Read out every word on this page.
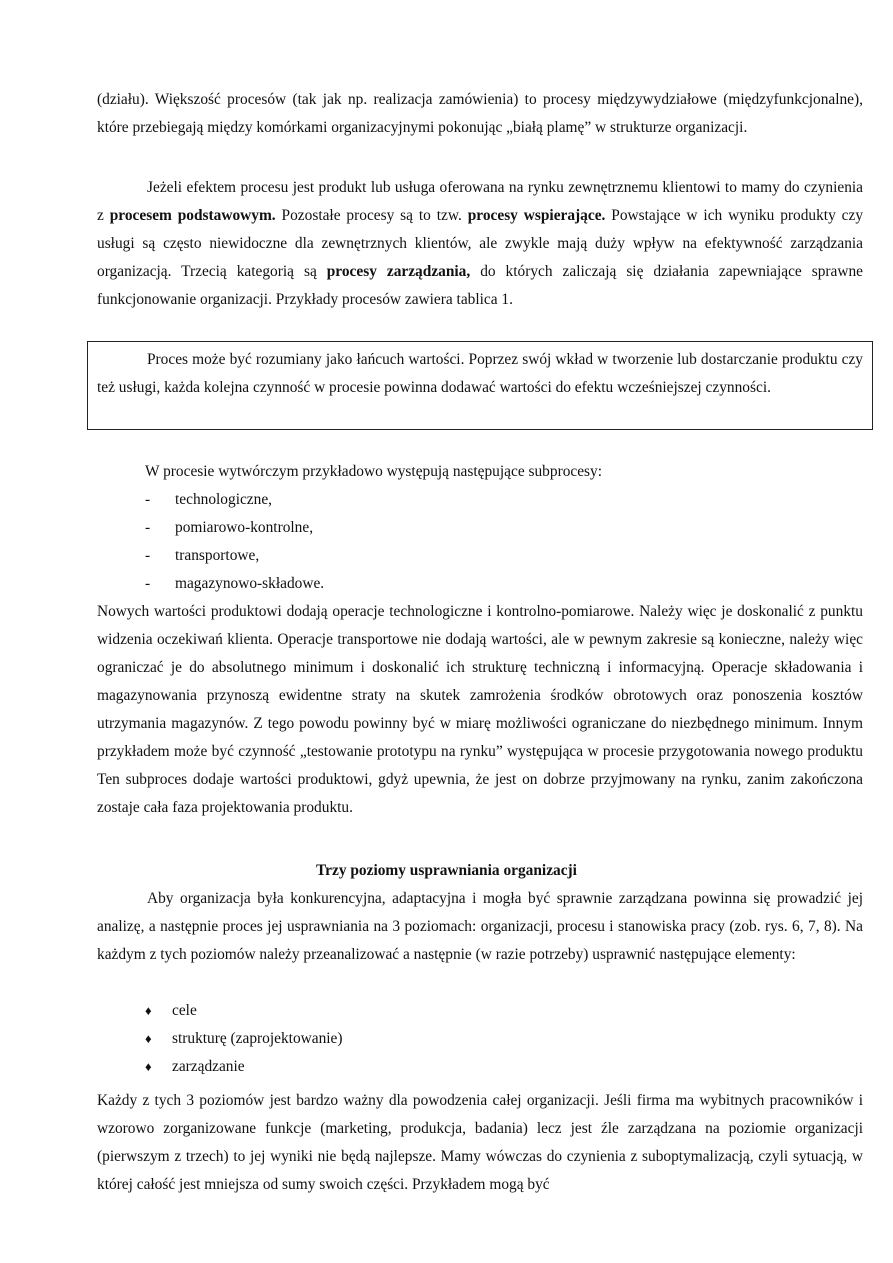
(działu). Większość procesów (tak jak np. realizacja zamówienia) to procesy międzywydziałowe (międzyfunkcjonalne), które przebiegają między komórkami organizacyjnymi pokonując „białą plamę” w strukturze organizacji.

Jeżeli efektem procesu jest produkt lub usługa oferowana na rynku zewnętrznemu klientowi to mamy do czynienia z procesem podstawowym. Pozostałe procesy są to tzw. procesy wspierające. Powstające w ich wyniku produkty czy usługi są często niewidoczne dla zewnętrznych klientów, ale zwykle mają duży wpływ na efektywność zarządzania organizacją. Trzecią kategorią są procesy zarządzania, do których zaliczają się działania zapewniające sprawne funkcjonowanie organizacji. Przykłady procesów zawiera tablica 1.

Proces może być rozumiany jako łańcuch wartości. Poprzez swój wkład w tworzenie lub dostarczanie produktu czy też usługi, każda kolejna czynność w procesie powinna dodawać wartości do efektu wcześniejszej czynności.

W procesie wytwórczym przykładowo występują następujące subprocesy:

- technologiczne,
- pomiarowo-kontrolne,
- transportowe,
- magazynowo-składowe.

Nowych wartości produktowi dodają operacje technologiczne i kontrolno-pomiarowe. Należy więc je doskonalić z punktu widzenia oczekiwań klienta. Operacje transportowe nie dodają wartości, ale w pewnym zakresie są konieczne, należy więc ograniczać je do absolutnego minimum i doskonalić ich strukturę techniczną i informacyjną. Operacje składowania i magazynowania przynoszą ewidentne straty na skutek zamrożenia środków obrotowych oraz ponoszenia kosztów utrzymania magazynów. Z tego powodu powinny być w miarę możliwości ograniczane do niezbędnego minimum. Innym przykładem może być czynność „testowanie prototypu na rynku” występująca w procesie przygotowania nowego produktu Ten subproces dodaje wartości produktowi, gdyż upewnia, że jest on dobrze przyjmowany na rynku, zanim zakończona zostaje cała faza projektowania produktu.

Trzy poziomy usprawniania organizacji

Aby organizacja była konkurencyjna, adaptacyjna i mogła być sprawnie zarządzana powinna się prowadzić jej analizę, a następnie proces jej usprawniania na 3 poziomach: organizacji, procesu i stanowiska pracy (zob. rys. 6, 7, 8). Na każdym z tych poziomów należy przeanalizować a następnie (w razie potrzeby) usprawnić następujące elementy:

♦ cele
♦ strukturę (zaprojektowanie)
♦ zarządzanie

Każdy z tych 3 poziomów jest bardzo ważny dla powodzenia całej organizacji. Jeśli firma ma wybitnych pracowników i wzorowo zorganizowane funkcje (marketing, produkcja, badania) lecz jest źle zarządzana na poziomie organizacji (pierwszym z trzech) to jej wyniki nie będą najlepsze. Mamy wówczas do czynienia z suboptymalizacją, czyli sytuacją, w której całość jest mniejsza od sumy swoich części. Przykładem mogą być
